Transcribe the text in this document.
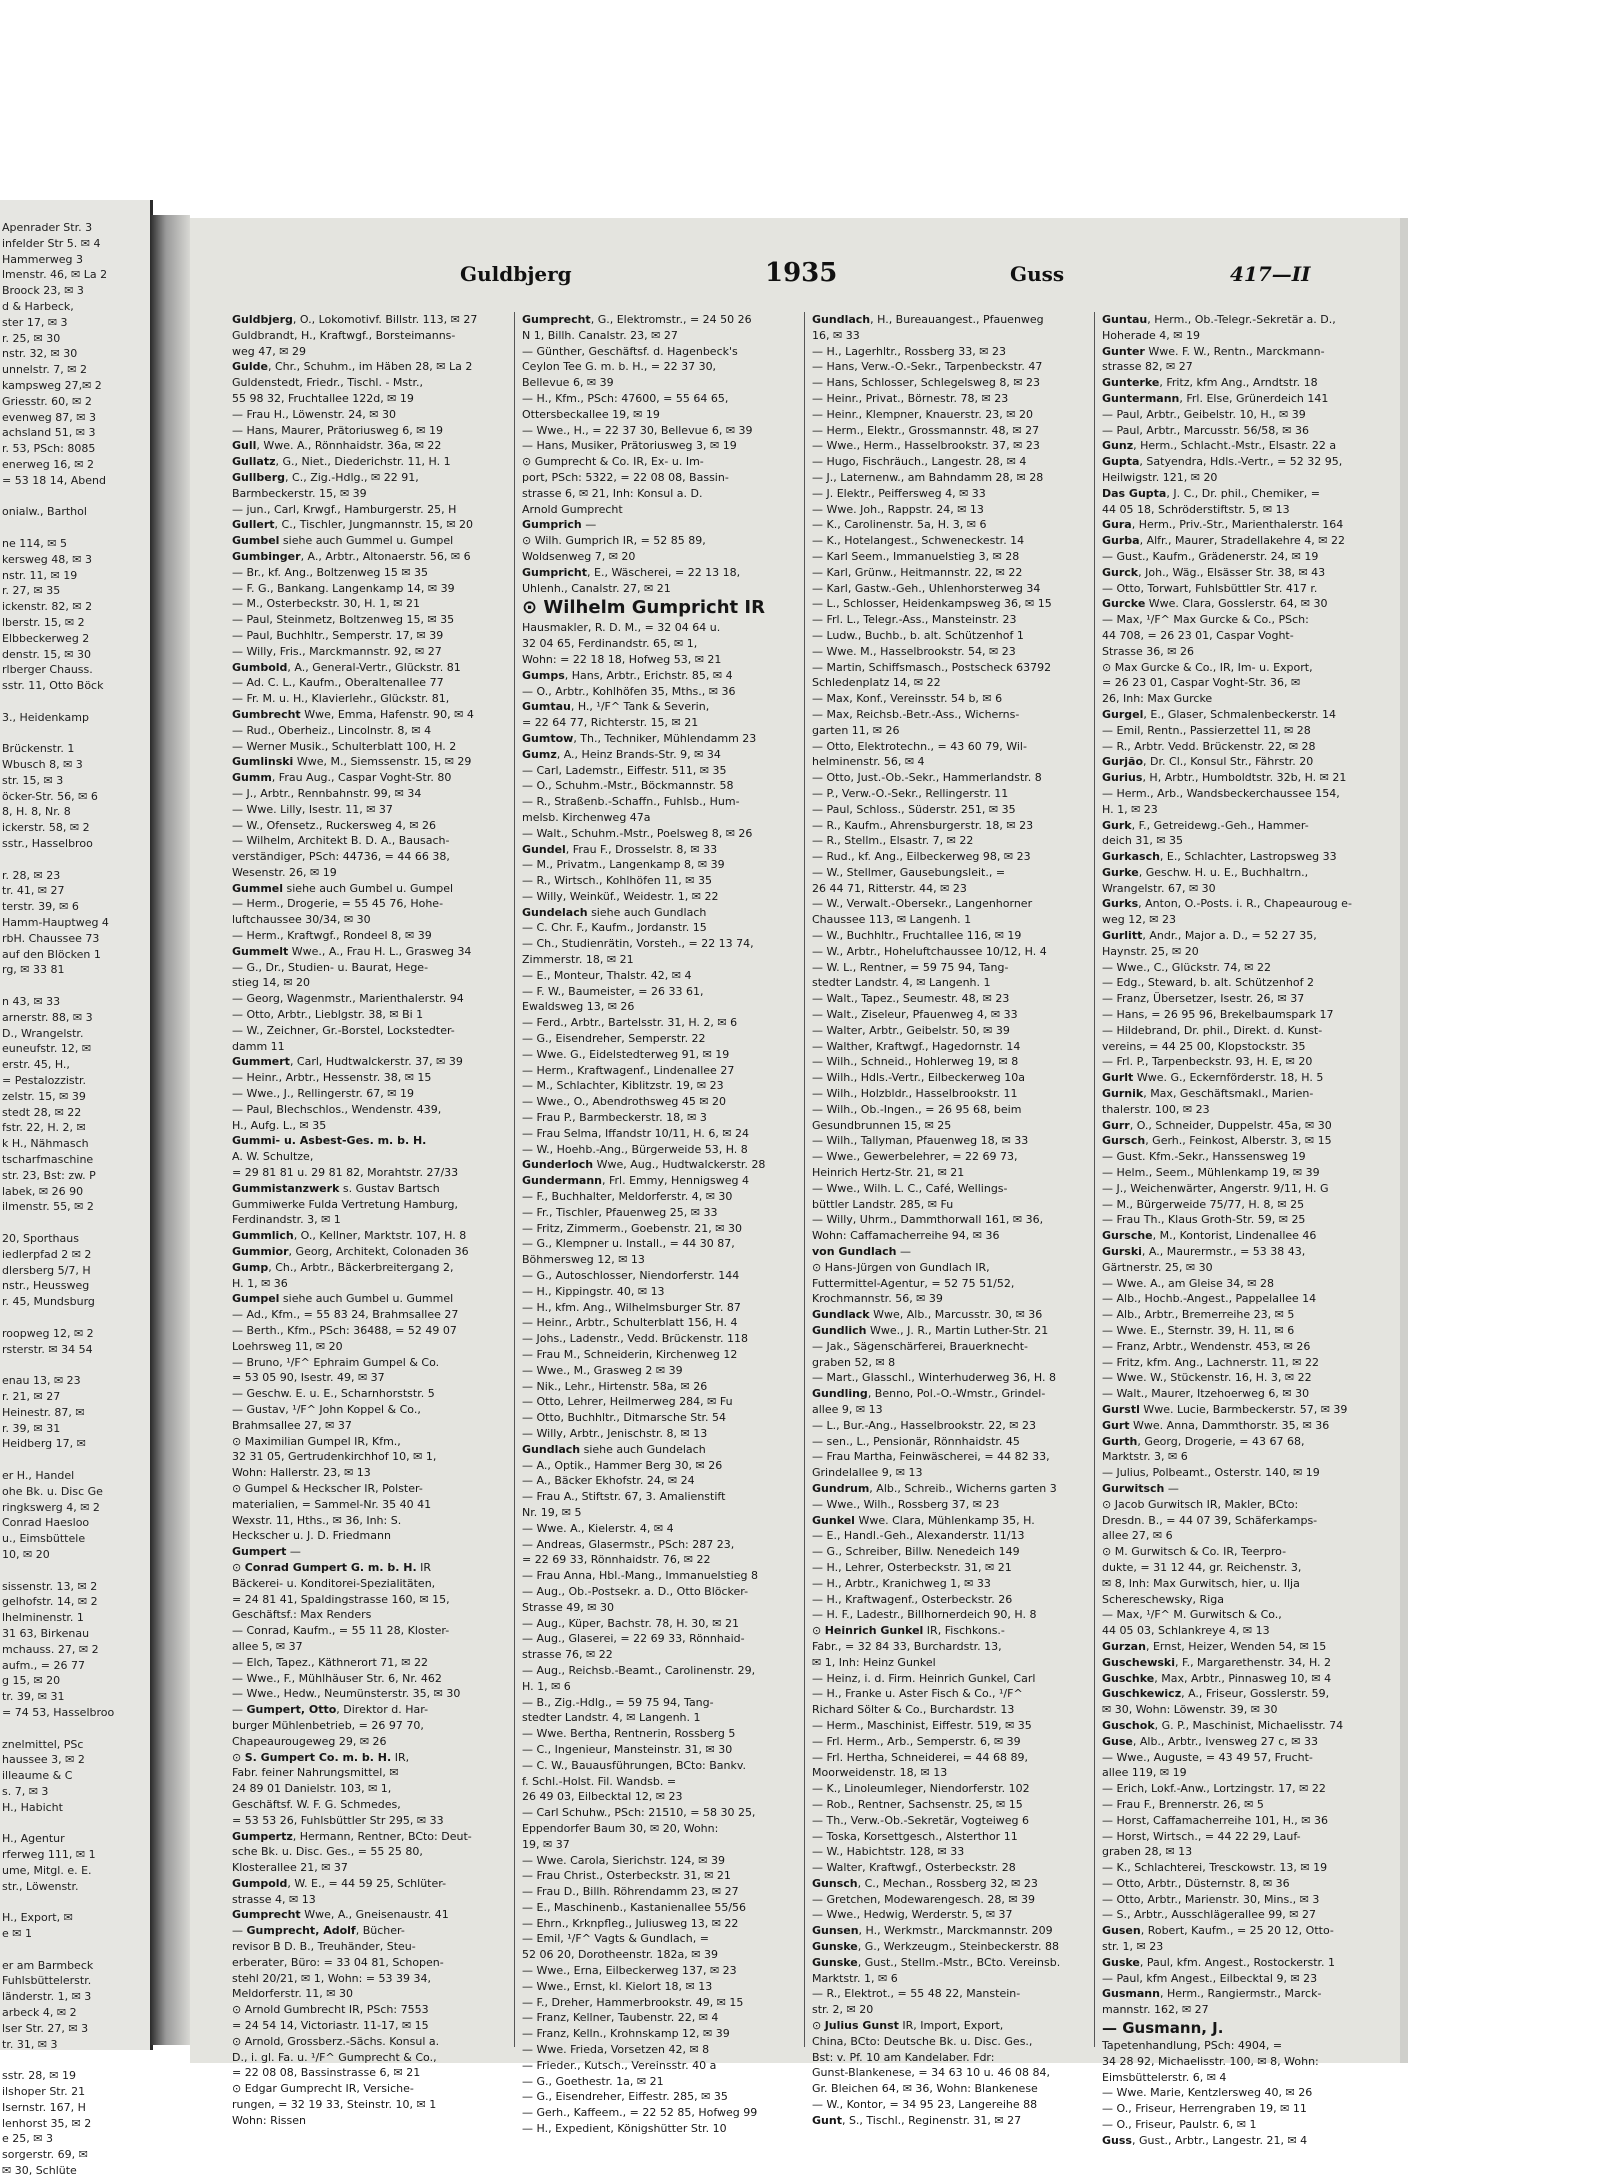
Apenrader Str. 3
infelder Str 5. ✉ 4
Hammerweg 3
lmenstr. 46, ✉ La 2
Broock 23, ✉ 3
d & Harbeck,
ster 17, ✉ 3
r. 25, ✉ 30
nstr. 32, ✉ 30
unnelstr. 7, ✉ 2
kampsweg 27,✉ 2
Griesstr. 60, ✉ 2
evenweg 87, ✉ 3
achsland 51, ✉ 3
r. 53, PSch: 8085
enerweg 16, ✉ 2
= 53 18 14, Abend

onialw., Barthol

ne 114, ✉ 5
kersweg 48, ✉ 3
nstr. 11, ✉ 19
r. 27, ✉ 35
ickenstr. 82, ✉ 2
lberstr. 15, ✉ 2
Elbbeckerweg 2
denstr. 15, ✉ 30
rlberger Chauss.
sstr. 11, Otto Böck

3., Heidenkamp

Brückenstr. 1
Wbusch 8, ✉ 3
str. 15, ✉ 3
öcker-Str. 56, ✉ 6
8, H. 8, Nr. 8
ickerstr. 58, ✉ 2
sstr., Hasselbroo

r. 28, ✉ 23
tr. 41, ✉ 27
terstr. 39, ✉ 6
Hamm-Hauptweg 4
rbH. Chaussee 73
auf den Blöcken 1
rg, ✉ 33 81

n 43, ✉ 33
arnerstr. 88, ✉ 3
D., Wrangelstr.
euneufstr. 12, ✉
erstr. 45, H.,
= Pestalozzistr.
zelstr. 15, ✉ 39
stedt 28, ✉ 22
fstr. 22, H. 2, ✉
k H., Nähmasch
tscharfmaschine
str. 23, Bst: zw. P
labek, ✉ 26 90
ilmenstr. 55, ✉ 2

20, Sporthaus
iedlerpfad 2 ✉ 2
dlersberg 5/7, H
nstr., Heussweg
r. 45, Mundsburg

roopweg 12, ✉ 2
rsterstr. ✉ 34 54

enau 13, ✉ 23
r. 21, ✉ 27
Heinestr. 87, ✉
r. 39, ✉ 31
Heidberg 17, ✉

er H., Handel
ohe Bk. u. Disc Ge
ringkswerg 4, ✉ 2
Conrad Haesloo
u., Eimsbüttele
10, ✉ 20

sissenstr. 13, ✉ 2
gelhofstr. 14, ✉ 2
lhelminenstr. 1
31 63, Birkenau
mchauss. 27, ✉ 2
aufm., = 26 77
g 15, ✉ 20
tr. 39, ✉ 31
= 74 53, Hasselbroo

znelmittel, PSc
haussee 3, ✉ 2
illeaume & C
s. 7, ✉ 3
H., Habicht

H., Agentur
rferweg 111, ✉ 1
ume, Mitgl. e. E.
str., Löwenstr.

H., Export, ✉
e ✉ 1

er am Barmbeck
Fuhlsbüttelerstr.
länderstr. 1, ✉ 3
arbeck 4, ✉ 2
lser Str. 27, ✉ 3
tr. 31, ✉ 3

sstr. 28, ✉ 19
ilshoper Str. 21
Isernstr. 167, H
lenhorst 35, ✉ 2
e 25, ✉ 3
sorgerstr. 69, ✉
✉ 30, Schlüte
Guldbjerg	1935	Guss	417—II
Guldbjerg, O., Lokomotivf. Billstr. 113, ✉ 27
Guldbrandt, H., Kraftwgf., Borsteimanns-
weg 47, ✉ 29
Gulde, Chr., Schuhm., im Häben 28, ✉ La 2
Guldenstedt, Friedr., Tischl. - Mstr.,
55 98 32, Fruchtallee 122d, ✉ 19
— Frau H., Löwenstr. 24, ✉ 30
— Hans, Maurer, Prätoriusweg 6, ✉ 19
Gull, Wwe. A., Rönnhaidstr. 36a, ✉ 22
Gullatz, G., Niet., Diederichstr. 11, H. 1
Gullberg, C., Zig.-Hdlg., ✉ 22 91,
Barmbeckerstr. 15, ✉ 39
— jun., Carl, Krwgf., Hamburgerstr. 25, H
Gullert, C., Tischler, Jungmannstr. 15, ✉ 20
Gumbel siehe auch Gummel u. Gumpel
Gumbinger, A., Arbtr., Altonaerstr. 56, ✉ 6
— Br., kf. Ang., Boltzenweg 15 ✉ 35
— F. G., Bankang. Langenkamp 14, ✉ 39
— M., Osterbeckstr. 30, H. 1, ✉ 21
— Paul, Steinmetz, Boltzenweg 15, ✉ 35
— Paul, Buchhltr., Semperstr. 17, ✉ 39
— Willy, Fris., Marckmannstr. 92, ✉ 27
Gumbold, A., General-Vertr., Glückstr. 81
— Ad. C. L., Kaufm., Oberaltenallee 77
— Fr. M. u. H., Klavierlehr., Glückstr. 81,
Gumbrecht Wwe, Emma, Hafenstr. 90, ✉ 4
— Rud., Oberheiz., Lincolnstr. 8, ✉ 4
— Werner Musik., Schulterblatt 100, H. 2
Gumlinski Wwe, M., Siemssenstr. 15, ✉ 29
Gumm, Frau Aug., Caspar Voght-Str. 80
— J., Arbtr., Rennbahnstr. 99, ✉ 34
— Wwe. Lilly, Isestr. 11, ✉ 37
— W., Ofensetz., Ruckersweg 4, ✉ 26
— Wilhelm, Architekt B. D. A., Bausach-
verständiger, PSch: 44736, = 44 66 38,
Wesenstr. 26, ✉ 19
Gummel siehe auch Gumbel u. Gumpel
— Herm., Drogerie, = 55 45 76, Hohe-
luftchaussee 30/34, ✉ 30
— Herm., Kraftwgf., Rondeel 8, ✉ 39
Gummelt Wwe., A., Frau H. L., Grasweg 34
— G., Dr., Studien- u. Baurat, Hege-
stieg 14, ✉ 20
— Georg, Wagenmstr., Marienthalerstr. 94
— Otto, Arbtr., Lieblgstr. 38, ✉ Bi 1
— W., Zeichner, Gr.-Borstel, Lockstedter-
damm 11
Gummert, Carl, Hudtwalckerstr. 37, ✉ 39
— Heinr., Arbtr., Hessenstr. 38, ✉ 15
— Wwe., J., Rellingerstr. 67, ✉ 19
— Paul, Blechschlos., Wendenstr. 439,
H., Aufg. L., ✉ 35
Gummi- u. Asbest-Ges. m. b. H.
A. W. Schultze,
= 29 81 81 u. 29 81 82, Morahtstr. 27/33
Gummistanzwerk s. Gustav Bartsch
Gummiwerke Fulda Vertretung Hamburg,
Ferdinandstr. 3, ✉ 1
Gummlich, O., Kellner, Marktstr. 107, H. 8
Gummior, Georg, Architekt, Colonaden 36
Gump, Ch., Arbtr., Bäckerbreitergang 2,
H. 1, ✉ 36
Gumpel siehe auch Gumbel u. Gummel
— Ad., Kfm., = 55 83 24, Brahmsallee 27
— Berth., Kfm., PSch: 36488, = 52 49 07
Loehrsweg 11, ✉ 20
— Bruno, ¹/F^ Ephraim Gumpel & Co.
= 53 05 90, Isestr. 49, ✉ 37
— Geschw. E. u. E., Scharnhorststr. 5
— Gustav, ¹/F^ John Koppel & Co.,
Brahmsallee 27, ✉ 37
⊙ Maximilian Gumpel IR, Kfm.,
32 31 05, Gertrudenkirchhof 10, ✉ 1,
Wohn: Hallerstr. 23, ✉ 13
⊙ Gumpel & Heckscher IR, Polster-
materialien, = Sammel-Nr. 35 40 41
Wexstr. 11, Hths., ✉ 36, Inh: S.
Heckscher u. J. D. Friedmann
Gumpert —
⊙ Conrad Gumpert G. m. b. H. IR
Bäckerei- u. Konditorei-Spezialitäten,
= 24 81 41, Spaldingstrasse 160, ✉ 15,
Geschäftsf.: Max Renders
— Conrad, Kaufm., = 55 11 28, Kloster-
allee 5, ✉ 37
— Elch, Tapez., Käthnerort 71, ✉ 22
— Wwe., F., Mühlhäuser Str. 6, Nr. 462
— Wwe., Hedw., Neumünsterstr. 35, ✉ 30
— Gumpert, Otto, Direktor d. Har-
burger Mühlenbetrieb, = 26 97 70,
Chapeaurougeweg 29, ✉ 26
⊙ S. Gumpert Co. m. b. H. IR,
Fabr. feiner Nahrungsmittel, ✉
24 89 01 Danielstr. 103, ✉ 1,
Geschäftsf. W. F. G. Schmedes,
= 53 53 26, Fuhlsbüttler Str 295, ✉ 33
Gumpertz, Hermann, Rentner, BCto: Deut-
sche Bk. u. Disc. Ges., = 55 25 80,
Klosterallee 21, ✉ 37
Gumpold, W. E., = 44 59 25, Schlüter-
strasse 4, ✉ 13
Gumprecht Wwe, A., Gneisenaustr. 41
— Gumprecht, Adolf, Bücher-
revisor B D. B., Treuhänder, Steu-
erberater, Büro: = 33 04 81, Schopen-
stehl 20/21, ✉ 1, Wohn: = 53 39 34,
Meldorferstr. 11, ✉ 30
⊙ Arnold Gumbrecht IR, PSch: 7553
= 24 54 14, Victoriastr. 11-17, ✉ 15
⊙ Arnold, Grossberz.-Sächs. Konsul a.
D., i. gl. Fa. u. ¹/F^ Gumprecht & Co.,
= 22 08 08, Bassinstrasse 6, ✉ 21
⊙ Edgar Gumprecht IR, Versiche-
rungen, = 32 19 33, Steinstr. 10, ✉ 1
Wohn: Rissen
Gumprecht, G., Elektromstr., = 24 50 26
N 1, Billh. Canalstr. 23, ✉ 27
— Günther, Geschäftsf. d. Hagenbeck's
Ceylon Tee G. m. b. H., = 22 37 30,
Bellevue 6, ✉ 39
— H., Kfm., PSch: 47600, = 55 64 65,
Ottersbeckallee 19, ✉ 19
— Wwe., H., = 22 37 30, Bellevue 6, ✉ 39
— Hans, Musiker, Prätoriusweg 3, ✉ 19
⊙ Gumprecht & Co. IR, Ex- u. Im-
port, PSch: 5322, = 22 08 08, Bassin-
strasse 6, ✉ 21, Inh: Konsul a. D.
Arnold Gumprecht
Gumprich —
⊙ Wilh. Gumprich IR, = 52 85 89,
Woldsenweg 7, ✉ 20
Gumpricht, E., Wäscherei, = 22 13 18,
Uhlenh., Canalstr. 27, ✉ 21
⊙ Wilhelm Gumpricht IR
Hausmakler, R. D. M., = 32 04 64 u.
32 04 65, Ferdinandstr. 65, ✉ 1,
Wohn: = 22 18 18, Hofweg 53, ✉ 21
Gumps, Hans, Arbtr., Erichstr. 85, ✉ 4
— O., Arbtr., Kohlhöfen 35, Mths., ✉ 36
Gumtau, H., ¹/F^ Tank & Severin,
= 22 64 77, Richterstr. 15, ✉ 21
Gumtow, Th., Techniker, Mühlendamm 23
Gumz, A., Heinz Brands-Str. 9, ✉ 34
— Carl, Lademstr., Eiffestr. 511, ✉ 35
— O., Schuhm.-Mstr., Böckmannstr. 58
— R., Straßenb.-Schaffn., Fuhlsb., Hum-
melsb. Kirchenweg 47a
— Walt., Schuhm.-Mstr., Poelsweg 8, ✉ 26
Gundel, Frau F., Drosselstr. 8, ✉ 33
— M., Privatm., Langenkamp 8, ✉ 39
— R., Wirtsch., Kohlhöfen 11, ✉ 35
— Willy, Weinküf., Weidestr. 1, ✉ 22
Gundelach siehe auch Gundlach
— C. Chr. F., Kaufm., Jordanstr. 15
— Ch., Studienrätin, Vorsteh., = 22 13 74,
Zimmerstr. 18, ✉ 21
— E., Monteur, Thalstr. 42, ✉ 4
— F. W., Baumeister, = 26 33 61,
Ewaldsweg 13, ✉ 26
— Ferd., Arbtr., Bartelsstr. 31, H. 2, ✉ 6
— G., Eisendreher, Semperstr. 22
— Wwe. G., Eidelstedterweg 91, ✉ 19
— Herm., Kraftwagenf., Lindenallee 27
— M., Schlachter, Kiblitzstr. 19, ✉ 23
— Wwe., O., Abendrothsweg 45 ✉ 20
— Frau P., Barmbeckerstr. 18, ✉ 3
— Frau Selma, Iffandstr 10/11, H. 6, ✉ 24
— W., Hoehb.-Ang., Bürgerweide 53, H. 8
Gunderloch Wwe, Aug., Hudtwalckerstr. 28
Gundermann, Frl. Emmy, Hennigsweg 4
— F., Buchhalter, Meldorferstr. 4, ✉ 30
— Fr., Tischler, Pfauenweg 25, ✉ 33
— Fritz, Zimmerm., Goebenstr. 21, ✉ 30
— G., Klempner u. Install., = 44 30 87,
Böhmersweg 12, ✉ 13
— G., Autoschlosser, Niendorferstr. 144
— H., Kippingstr. 40, ✉ 13
— H., kfm. Ang., Wilhelmsburger Str. 87
— Heinr., Arbtr., Schulterblatt 156, H. 4
— Johs., Ladenstr., Vedd. Brückenstr. 118
— Frau M., Schneiderin, Kirchenweg 12
— Wwe., M., Grasweg 2 ✉ 39
— Nik., Lehr., Hirtenstr. 58a, ✉ 26
— Otto, Lehrer, Heilmerweg 284, ✉ Fu
— Otto, Buchhltr., Ditmarsche Str. 54
— Willy, Arbtr., Jenischstr. 8, ✉ 13
Gundlach siehe auch Gundelach
— A., Optik., Hammer Berg 30, ✉ 26
— A., Bäcker Ekhofstr. 24, ✉ 24
— Frau A., Stiftstr. 67, 3. Amalienstift
Nr. 19, ✉ 5
— Wwe. A., Kielerstr. 4, ✉ 4
— Andreas, Glasermstr., PSch: 287 23,
= 22 69 33, Rönnhaidstr. 76, ✉ 22
— Frau Anna, Hbl.-Mang., Immanuelstieg 8
— Aug., Ob.-Postsekr. a. D., Otto Blöcker-
Strasse 49, ✉ 30
— Aug., Küper, Bachstr. 78, H. 30, ✉ 21
— Aug., Glaserei, = 22 69 33, Rönnhaid-
strasse 76, ✉ 22
— Aug., Reichsb.-Beamt., Carolinenstr. 29,
H. 1, ✉ 6
— B., Zig.-Hdlg., = 59 75 94, Tang-
stedter Landstr. 4, ✉ Langenh. 1
— Wwe. Bertha, Rentnerin, Rossberg 5
— C., Ingenieur, Mansteinstr. 31, ✉ 30
— C. W., Bauausführungen, BCto: Bankv.
f. Schl.-Holst. Fil. Wandsb. =
26 49 03, Eilbecktal 12, ✉ 23
— Carl Schuhw., PSch: 21510, = 58 30 25,
Eppendorfer Baum 30, ✉ 20, Wohn:
19, ✉ 37
— Wwe. Carola, Sierichstr. 124, ✉ 39
— Frau Christ., Osterbeckstr. 31, ✉ 21
— Frau D., Billh. Röhrendamm 23, ✉ 27
— E., Maschinenb., Kastanienallee 55/56
— Ehrn., Krknpfleg., Juliusweg 13, ✉ 22
— Emil, ¹/F^ Vagts & Gundlach, =
52 06 20, Dorotheenstr. 182a, ✉ 39
— Wwe., Erna, Eilbeckerweg 137, ✉ 23
— Wwe., Ernst, kl. Kielort 18, ✉ 13
— F., Dreher, Hammerbrookstr. 49, ✉ 15
— Franz, Kellner, Taubenstr. 22, ✉ 4
— Franz, Kelln., Krohnskamp 12, ✉ 39
— Wwe. Frieda, Vorsetzen 42, ✉ 8
— Frieder., Kutsch., Vereinsstr. 40 a
— G., Goethestr. 1a, ✉ 21
— G., Eisendreher, Eiffestr. 285, ✉ 35
— Gerh., Kaffeem., = 22 52 85, Hofweg 99
— H., Expedient, Königshütter Str. 10
Gundlach, H., Bureauangest., Pfauenweg
16, ✉ 33
— H., Lagerhltr., Rossberg 33, ✉ 23
— Hans, Verw.-O.-Sekr., Tarpenbeckstr. 47
— Hans, Schlosser, Schlegelsweg 8, ✉ 23
— Heinr., Privat., Börnestr. 78, ✉ 23
— Heinr., Klempner, Knauerstr. 23, ✉ 20
— Herm., Elektr., Grossmannstr. 48, ✉ 27
— Wwe., Herm., Hasselbrookstr. 37, ✉ 23
— Hugo, Fischräuch., Langestr. 28, ✉ 4
— J., Laternenw., am Bahndamm 28, ✉ 28
— J. Elektr., Peiffersweg 4, ✉ 33
— Wwe. Joh., Rappstr. 24, ✉ 13
— K., Carolinenstr. 5a, H. 3, ✉ 6
— K., Hotelangest., Schweneckestr. 14
— Karl Seem., Immanuelstieg 3, ✉ 28
— Karl, Grünw., Heitmannstr. 22, ✉ 22
— Karl, Gastw.-Geh., Uhlenhorsterweg 34
— L., Schlosser, Heidenkampsweg 36, ✉ 15
— Frl. L., Telegr.-Ass., Mansteinstr. 23
— Ludw., Buchb., b. alt. Schützenhof 1
— Wwe. M., Hasselbrookstr. 54, ✉ 23
— Martin, Schiffsmasch., Postscheck 63792
Schledenplatz 14, ✉ 22
— Max, Konf., Vereinsstr. 54 b, ✉ 6
— Max, Reichsb.-Betr.-Ass., Wicherns-
garten 11, ✉ 26
— Otto, Elektrotechn., = 43 60 79, Wil-
helminenstr. 56, ✉ 4
— Otto, Just.-Ob.-Sekr., Hammerlandstr. 8
— P., Verw.-O.-Sekr., Rellingerstr. 11
— Paul, Schloss., Süderstr. 251, ✉ 35
— R., Kaufm., Ahrensburgerstr. 18, ✉ 23
— R., Stellm., Elsastr. 7, ✉ 22
— Rud., kf. Ang., Eilbeckerweg 98, ✉ 23
— W., Stellmer, Gausebungsleit., =
26 44 71, Ritterstr. 44, ✉ 23
— W., Verwalt.-Obersekr., Langenhorner
Chaussee 113, ✉ Langenh. 1
— W., Buchhltr., Fruchtallee 116, ✉ 19
— W., Arbtr., Hoheluftchaussee 10/12, H. 4
— W. L., Rentner, = 59 75 94, Tang-
stedter Landstr. 4, ✉ Langenh. 1
— Walt., Tapez., Seumestr. 48, ✉ 23
— Walt., Ziseleur, Pfauenweg 4, ✉ 33
— Walter, Arbtr., Geibelstr. 50, ✉ 39
— Walther, Kraftwgf., Hagedornstr. 14
— Wilh., Schneid., Hohlerweg 19, ✉ 8
— Wilh., Hdls.-Vertr., Eilbeckerweg 10a
— Wilh., Holzbldr., Hasselbrookstr. 11
— Wilh., Ob.-Ingen., = 26 95 68, beim
Gesundbrunnen 15, ✉ 25
— Wilh., Tallyman, Pfauenweg 18, ✉ 33
— Wwe., Gewerbelehrer, = 22 69 73,
Heinrich Hertz-Str. 21, ✉ 21
— Wwe., Wilh. L. C., Café, Wellings-
büttler Landstr. 285, ✉ Fu
— Willy, Uhrm., Dammthorwall 161, ✉ 36,
Wohn: Caffamacherreihe 94, ✉ 36
von Gundlach —
⊙ Hans-Jürgen von Gundlach IR,
Futtermittel-Agentur, = 52 75 51/52,
Krochmannstr. 56, ✉ 39
Gundlack Wwe, Alb., Marcusstr. 30, ✉ 36
Gundlich Wwe., J. R., Martin Luther-Str. 21
— Jak., Sägenschärferei, Brauerknecht-
graben 52, ✉ 8
— Mart., Glasschl., Winterhuderweg 36, H. 8
Gundling, Benno, Pol.-O.-Wmstr., Grindel-
allee 9, ✉ 13
— L., Bur.-Ang., Hasselbrookstr. 22, ✉ 23
— sen., L., Pensionär, Rönnhaidstr. 45
— Frau Martha, Feinwäscherei, = 44 82 33,
Grindelallee 9, ✉ 13
Gundrum, Alb., Schreib., Wicherns garten 3
— Wwe., Wilh., Rossberg 37, ✉ 23
Gunkel Wwe. Clara, Mühlenkamp 35, H.
— E., Handl.-Geh., Alexanderstr. 11/13
— G., Schreiber, Billw. Nenedeich 149
— H., Lehrer, Osterbeckstr. 31, ✉ 21
— H., Arbtr., Kranichweg 1, ✉ 33
— H., Kraftwagenf., Osterbeckstr. 26
— H. F., Ladestr., Billhornerdeich 90, H. 8
⊙ Heinrich Gunkel IR, Fischkons.-
Fabr., = 32 84 33, Burchardstr. 13,
✉ 1, Inh: Heinz Gunkel
— Heinz, i. d. Firm. Heinrich Gunkel, Carl
— H., Franke u. Aster Fisch & Co., ¹/F^
Richard Sölter & Co., Burchardstr. 13
— Herm., Maschinist, Eiffestr. 519, ✉ 35
— Frl. Herm., Arb., Semperstr. 6, ✉ 39
— Frl. Hertha, Schneiderei, = 44 68 89,
Moorweidenstr. 18, ✉ 13
— K., Linoleumleger, Niendorferstr. 102
— Rob., Rentner, Sachsenstr. 25, ✉ 15
— Th., Verw.-Ob.-Sekretär, Vogteiweg 6
— Toska, Korsettgesch., Alsterthor 11
— W., Habichtstr. 128, ✉ 33
— Walter, Kraftwgf., Osterbeckstr. 28
Gunsch, C., Mechan., Rossberg 32, ✉ 23
— Gretchen, Modewarengesch. 28, ✉ 39
— Wwe., Hedwig, Werderstr. 5, ✉ 37
Gunsen, H., Werkmstr., Marckmannstr. 209
Gunske, G., Werkzeugm., Steinbeckerstr. 88
Gunske, Gust., Stellm.-Mstr., BCto. Vereinsb.
Marktstr. 1, ✉ 6
— R., Elektrot., = 55 48 22, Manstein-
str. 2, ✉ 20
⊙ Julius Gunst IR, Import, Export,
China, BCto: Deutsche Bk. u. Disc. Ges.,
Bst: v. Pf. 10 am Kandelaber. Fdr:
Gunst-Blankenese, = 34 63 10 u. 46 08 84,
Gr. Bleichen 64, ✉ 36, Wohn: Blankenese
— W., Kontor, = 34 95 23, Langereihe 88
Gunt, S., Tischl., Reginenstr. 31, ✉ 27
Guntau, Herm., Ob.-Telegr.-Sekretär a. D.,
Hoherade 4, ✉ 19
Gunter Wwe. F. W., Rentn., Marckmann-
strasse 82, ✉ 27
Gunterke, Fritz, kfm Ang., Arndtstr. 18
Guntermann, Frl. Else, Grünerdeich 141
— Paul, Arbtr., Geibelstr. 10, H., ✉ 39
— Paul, Arbtr., Marcusstr. 56/58, ✉ 36
Gunz, Herm., Schlacht.-Mstr., Elsastr. 22 a
Gupta, Satyendra, Hdls.-Vertr., = 52 32 95,
Heilwigstr. 121, ✉ 20
Das Gupta, J. C., Dr. phil., Chemiker, =
44 05 18, Schröderstiftstr. 5, ✉ 13
Gura, Herm., Priv.-Str., Marienthalerstr. 164
Gurba, Alfr., Maurer, Stradellakehre 4, ✉ 22
— Gust., Kaufm., Grädenerstr. 24, ✉ 19
Gurck, Joh., Wäg., Elsässer Str. 38, ✉ 43
— Otto, Torwart, Fuhlsbüttler Str. 417 r.
Gurcke Wwe. Clara, Gosslerstr. 64, ✉ 30
— Max, ¹/F^ Max Gurcke & Co., PSch:
44 708, = 26 23 01, Caspar Voght-
Strasse 36, ✉ 26
⊙ Max Gurcke & Co., IR, Im- u. Export,
= 26 23 01, Caspar Voght-Str. 36, ✉
26, Inh: Max Gurcke
Gurgel, E., Glaser, Schmalenbeckerstr. 14
— Emil, Rentn., Passierzettel 11, ✉ 28
— R., Arbtr. Vedd. Brückenstr. 22, ✉ 28
Gurjão, Dr. Cl., Konsul Str., Fährstr. 20
Gurius, H, Arbtr., Humboldtstr. 32b, H. ✉ 21
— Herm., Arb., Wandsbeckerchaussee 154,
H. 1, ✉ 23
Gurk, F., Getreidewg.-Geh., Hammer-
deich 31, ✉ 35
Gurkasch, E., Schlachter, Lastropsweg 33
Gurke, Geschw. H. u. E., Buchhaltrn.,
Wrangelstr. 67, ✉ 30
Gurks, Anton, O.-Posts. i. R., Chapeauroug e-
weg 12, ✉ 23
Gurlitt, Andr., Major a. D., = 52 27 35,
Haynstr. 25, ✉ 20
— Wwe., C., Glückstr. 74, ✉ 22
— Edg., Steward, b. alt. Schützenhof 2
— Franz, Übersetzer, Isestr. 26, ✉ 37
— Hans, = 26 95 96, Brekelbaumspark 17
— Hildebrand, Dr. phil., Direkt. d. Kunst-
vereins, = 44 25 00, Klopstockstr. 35
— Frl. P., Tarpenbeckstr. 93, H. E, ✉ 20
Gurlt Wwe. G., Eckernförderstr. 18, H. 5
Gurnik, Max, Geschäftsmakl., Marien-
thalerstr. 100, ✉ 23
Gurr, O., Schneider, Duppelstr. 45a, ✉ 30
Gursch, Gerh., Feinkost, Alberstr. 3, ✉ 15
— Gust. Kfm.-Sekr., Hanssensweg 19
— Helm., Seem., Mühlenkamp 19, ✉ 39
— J., Weichenwärter, Angerstr. 9/11, H. G
— M., Bürgerweide 75/77, H. 8, ✉ 25
— Frau Th., Klaus Groth-Str. 59, ✉ 25
Gursche, M., Kontorist, Lindenallee 46
Gurski, A., Maurermstr., = 53 38 43,
Gärtnerstr. 25, ✉ 30
— Wwe. A., am Gleise 34, ✉ 28
— Alb., Hochb.-Angest., Pappelallee 14
— Alb., Arbtr., Bremerreihe 23, ✉ 5
— Wwe. E., Sternstr. 39, H. 11, ✉ 6
— Franz, Arbtr., Wendenstr. 453, ✉ 26
— Fritz, kfm. Ang., Lachnerstr. 11, ✉ 22
— Wwe. W., Stückenstr. 16, H. 3, ✉ 22
— Walt., Maurer, Itzehoerweg 6, ✉ 30
Gurstl Wwe. Lucie, Barmbeckerstr. 57, ✉ 39
Gurt Wwe. Anna, Dammthorstr. 35, ✉ 36
Gurth, Georg, Drogerie, = 43 67 68,
Marktstr. 3, ✉ 6
— Julius, Polbeamt., Osterstr. 140, ✉ 19
Gurwitsch —
⊙ Jacob Gurwitsch IR, Makler, BCto:
Dresdn. B., = 44 07 39, Schäferkamps-
allee 27, ✉ 6
⊙ M. Gurwitsch & Co. IR, Teerpro-
dukte, = 31 12 44, gr. Reichenstr. 3,
✉ 8, Inh: Max Gurwitsch, hier, u. Ilja
Schereschewsky, Riga
— Max, ¹/F^ M. Gurwitsch & Co.,
44 05 03, Schlankreye 4, ✉ 13
Gurzan, Ernst, Heizer, Wenden 54, ✉ 15
Guschewski, F., Margarethenstr. 34, H. 2
Guschke, Max, Arbtr., Pinnasweg 10, ✉ 4
Guschkewicz, A., Friseur, Gosslerstr. 59,
✉ 30, Wohn: Löwenstr. 39, ✉ 30
Guschok, G. P., Maschinist, Michaelisstr. 74
Guse, Alb., Arbtr., Ivensweg 27 c, ✉ 33
— Wwe., Auguste, = 43 49 57, Frucht-
allee 119, ✉ 19
— Erich, Lokf.-Anw., Lortzingstr. 17, ✉ 22
— Frau F., Brennerstr. 26, ✉ 5
— Horst, Caffamacherreihe 101, H., ✉ 36
— Horst, Wirtsch., = 44 22 29, Lauf-
graben 28, ✉ 13
— K., Schlachterei, Tresckowstr. 13, ✉ 19
— Otto, Arbtr., Düsternstr. 8, ✉ 36
— Otto, Arbtr., Marienstr. 30, Mins., ✉ 3
— S., Arbtr., Ausschlägerallee 99, ✉ 27
Gusen, Robert, Kaufm., = 25 20 12, Otto-
str. 1, ✉ 23
Guske, Paul, kfm. Angest., Rostockerstr. 1
— Paul, kfm Angest., Eilbecktal 9, ✉ 23
Gusmann, Herm., Rangiermstr., Marck-
mannstr. 162, ✉ 27
— Gusmann, J.
Tapetenhandlung, PSch: 4904, =
34 28 92, Michaelisstr. 100, ✉ 8, Wohn:
Eimsbüttelerstr. 6, ✉ 4
— Wwe. Marie, Kentzlersweg 40, ✉ 26
— O., Friseur, Herrengraben 19, ✉ 11
— O., Friseur, Paulstr. 6, ✉ 1
Guss, Gust., Arbtr., Langestr. 21, ✉ 4
